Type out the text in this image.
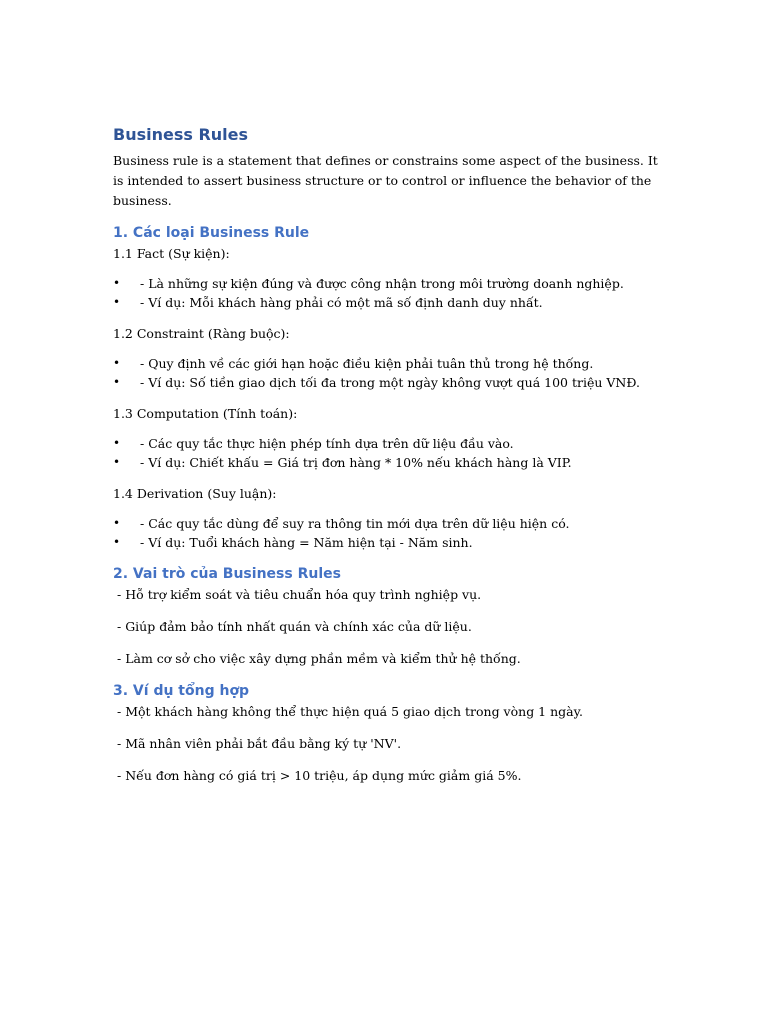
Business Rules

Business rule is a statement that defines or constrains some aspect of the business. It is intended to assert business structure or to control or influence the behavior of the business.

1. Các loại Business Rule

1.1 Fact (Sự kiện):

• - Là những sự kiện đúng và được công nhận trong môi trường doanh nghiệp.
• - Ví dụ: Mỗi khách hàng phải có một mã số định danh duy nhất.

1.2 Constraint (Ràng buộc):

• - Quy định về các giới hạn hoặc điều kiện phải tuân thủ trong hệ thống.
• - Ví dụ: Số tiền giao dịch tối đa trong một ngày không vượt quá 100 triệu VNĐ.

1.3 Computation (Tính toán):

• - Các quy tắc thực hiện phép tính dựa trên dữ liệu đầu vào.
• - Ví dụ: Chiết khấu = Giá trị đơn hàng * 10% nếu khách hàng là VIP.

1.4 Derivation (Suy luận):

• - Các quy tắc dùng để suy ra thông tin mới dựa trên dữ liệu hiện có.
• - Ví dụ: Tuổi khách hàng = Năm hiện tại - Năm sinh.
2. Vai trò của Business Rules

- Hỗ trợ kiểm soát và tiêu chuẩn hóa quy trình nghiệp vụ.

- Giúp đảm bảo tính nhất quán và chính xác của dữ liệu.

- Làm cơ sở cho việc xây dựng phần mềm và kiểm thử hệ thống.

3. Ví dụ tổng hợp

- Một khách hàng không thể thực hiện quá 5 giao dịch trong vòng 1 ngày.

- Mã nhân viên phải bắt đầu bằng ký tự 'NV'.

- Nếu đơn hàng có giá trị > 10 triệu, áp dụng mức giảm giá 5%.
